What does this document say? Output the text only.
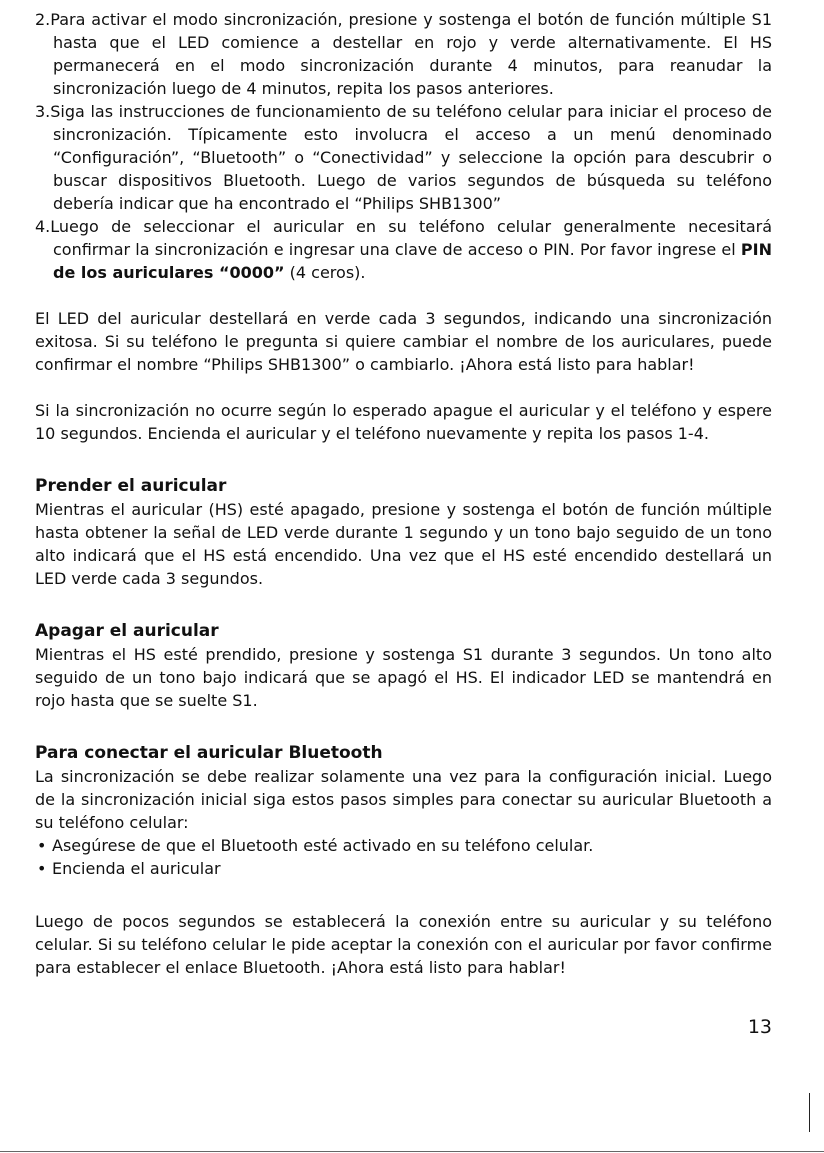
2.Para activar el modo sincronización, presione y sostenga el botón de función múltiple S1 hasta que el LED comience a destellar en rojo y verde alternativamente. El HS permanecerá en el modo sincronización durante 4 minutos, para reanudar la sincronización luego de 4 minutos, repita los pasos anteriores.

3.Siga las instrucciones de funcionamiento de su teléfono celular para iniciar el proceso de sincronización. Típicamente esto involucra el acceso a un menú denominado “Configuración”, “Bluetooth” o “Conectividad” y seleccione la opción para descubrir o buscar dispositivos Bluetooth. Luego de varios segundos de búsqueda su teléfono debería indicar que ha encontrado el “Philips SHB1300”

4.Luego de seleccionar el auricular en su teléfono celular generalmente necesitará confirmar la sincronización e ingresar una clave de acceso o PIN. Por favor ingrese el PIN de los auriculares “0000” (4 ceros).

El LED del auricular destellará en verde cada 3 segundos, indicando una sincronización exitosa. Si su teléfono le pregunta si quiere cambiar el nombre de los auriculares, puede confirmar el nombre “Philips SHB1300” o cambiarlo. ¡Ahora está listo para hablar!

Si la sincronización no ocurre según lo esperado apague el auricular y el teléfono y espere 10 segundos. Encienda el auricular y el teléfono nuevamente y repita los pasos 1-4.

Prender el auricular

Mientras el auricular (HS) esté apagado, presione y sostenga el botón de función múltiple hasta obtener la señal de LED verde durante 1 segundo y un tono bajo seguido de un tono alto indicará que el HS está encendido. Una vez que el HS esté encendido destellará un LED verde cada 3 segundos.

Apagar el auricular

Mientras el HS esté prendido, presione y sostenga S1 durante 3 segundos. Un tono alto seguido de un tono bajo indicará que se apagó el HS. El indicador LED se mantendrá en rojo hasta que se suelte S1.

Para conectar el auricular Bluetooth

La sincronización se debe realizar solamente una vez para la configuración inicial. Luego de la sincronización inicial siga estos pasos simples para conectar su auricular Bluetooth a su teléfono celular:

• Asegúrese de que el Bluetooth esté activado en su teléfono celular.
• Encienda el auricular

Luego de pocos segundos se establecerá la conexión entre su auricular y su teléfono celular. Si su teléfono celular le pide aceptar la conexión con el auricular por favor confirme para establecer el enlace Bluetooth. ¡Ahora está listo para hablar!

13
